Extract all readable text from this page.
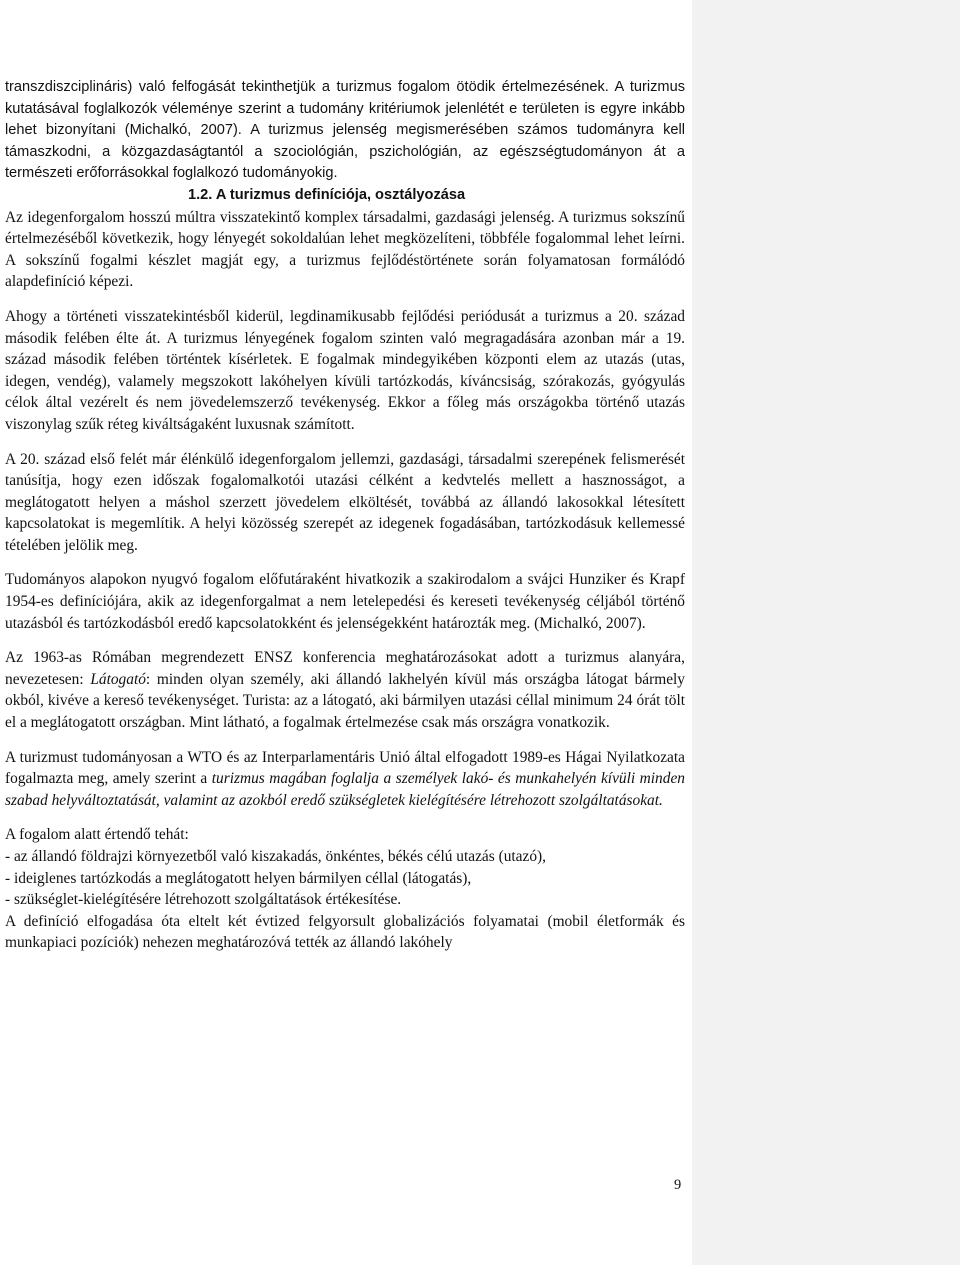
transzdiszciplináris) való felfogását tekinthetjük a turizmus fogalom ötödik értelmezésének. A turizmus kutatásával foglalkozók véleménye szerint a tudomány kritériumok jelenlétét e területen is egyre inkább lehet bizonyítani (Michalkó, 2007). A turizmus jelenség megismerésében számos tudományra kell támaszkodni, a közgazdaságtantól a szociológián, pszichológián, az egészségtudományon át a természeti erőforrásokkal foglalkozó tudományokig.

1.2. A turizmus definíciója, osztályozása

Az idegenforgalom hosszú múltra visszatekintő komplex társadalmi, gazdasági jelenség. A turizmus sokszínű értelmezéséből következik, hogy lényegét sokoldalúan lehet megközelíteni, többféle fogalommal lehet leírni. A sokszínű fogalmi készlet magját egy, a turizmus fejlődéstörténete során folyamatosan formálódó alapdefiníció képezi.

Ahogy a történeti visszatekintésből kiderül, legdinamikusabb fejlődési periódusát a turizmus a 20. század második felében élte át. A turizmus lényegének fogalom szinten való megragadására azonban már a 19. század második felében történtek kísérletek. E fogalmak mindegyikében központi elem az utazás (utas, idegen, vendég), valamely megszokott lakóhelyen kívüli tartózkodás, kíváncsiság, szórakozás, gyógyulás célok által vezérelt és nem jövedelemszerző tevékenység. Ekkor a főleg más országokba történő utazás viszonylag szűk réteg kiváltságaként luxusnak számított.

A 20. század első felét már élénkülő idegenforgalom jellemzi, gazdasági, társadalmi szerepének felismerését tanúsítja, hogy ezen időszak fogalomalkotói utazási célként a kedvtelés mellett a hasznosságot, a meglátogatott helyen a máshol szerzett jövedelem elköltését, továbbá az állandó lakosokkal létesített kapcsolatokat is megemlítik. A helyi közösség szerepét az idegenek fogadásában, tartózkodásuk kellemessé tételében jelölik meg.

Tudományos alapokon nyugvó fogalom előfutáraként hivatkozik a szakirodalom a svájci Hunziker és Krapf 1954-es definíciójára, akik az idegenforgalmat a nem letelepedési és kereseti tevékenység céljából történő utazásból és tartózkodásból eredő kapcsolatokként és jelenségekként határozták meg. (Michalkó, 2007).

Az 1963-as Rómában megrendezett ENSZ konferencia meghatározásokat adott a turizmus alanyára, nevezetesen: Látogató: minden olyan személy, aki állandó lakhelyén kívül más országba látogat bármely okból, kivéve a kereső tevékenységet. Turista: az a látogató, aki bármilyen utazási céllal minimum 24 órát tölt el a meglátogatott országban. Mint látható, a fogalmak értelmezése csak más országra vonatkozik.

A turizmust tudományosan a WTO és az Interparlamentáris Unió által elfogadott 1989-es Hágai Nyilatkozata fogalmazta meg, amely szerint a turizmus magában foglalja a személyek lakó- és munkahelyén kívüli minden szabad helyváltoztatását, valamint az azokból eredő szükségletek kielégítésére létrehozott szolgáltatásokat.

A fogalom alatt értendő tehát:

- az állandó földrajzi környezetből való kiszakadás, önkéntes, békés célú utazás (utazó),

- ideiglenes tartózkodás a meglátogatott helyen bármilyen céllal (látogatás),

- szükséglet-kielégítésére létrehozott szolgáltatások értékesítése.

A definíció elfogadása óta eltelt két évtized felgyorsult globalizációs folyamatai (mobil életformák és munkapiaci pozíciók) nehezen meghatározóvá tették az állandó lakóhely

9
